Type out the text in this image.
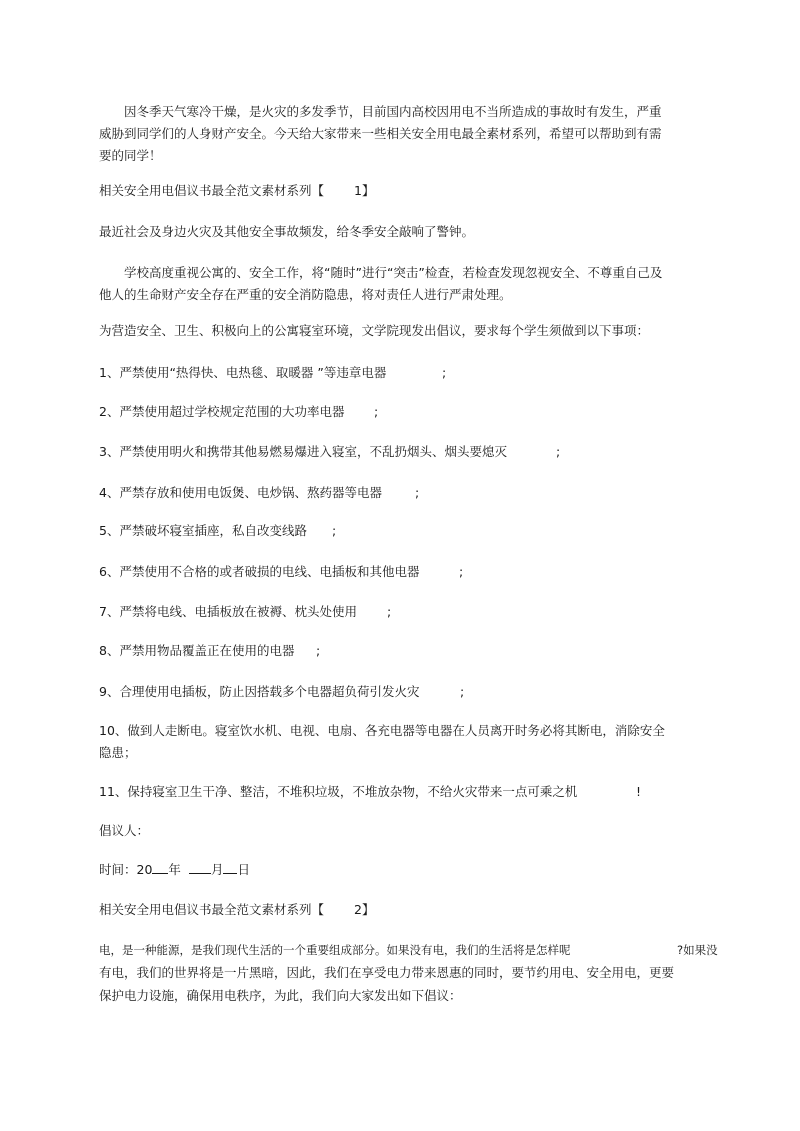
因冬季天气寒冷干燥，是火灾的多发季节，目前国内高校因用电不当所造成的事故时有发生，严重威胁到同学们的人身财产安全。今天给大家带来一些相关安全用电最全素材系列，希望可以帮助到有需要的同学！
相关安全用电倡议书最全范文素材系列【 1】
最近社会及身边火灾及其他安全事故频发，给冬季安全敲响了警钟。
学校高度重视公寓的、安全工作，将“随时”进行“突击”检查，若检查发现忽视安全、不尊重自己及他人的生命财产安全存在严重的安全消防隐患，将对责任人进行严肃处理。
为营造安全、卫生、积极向上的公寓寝室环境，文学院现发出倡议，要求每个学生须做到以下事项：
1、严禁使用“热得快、电热毯、取暖器 ”等违章电器	;
2、严禁使用超过学校规定范围的大功率电器 ;
3、严禁使用明火和携带其他易燃易爆进入寝室，不乱扔烟头、烟头要熄灭	;
4、严禁存放和使用电饭煲、电炒锅、熬药器等电器	;
5、严禁破坏寝室插座，私自改变线路 ;
6、严禁使用不合格的或者破损的电线、电插板和其他电器	;
7、严禁将电线、电插板放在被褥、枕头处使用 ;
8、严禁用物品覆盖正在使用的电器 ;
9、合理使用电插板，防止因搭载多个电器超负荷引发火灾	;
10、做到人走断电。寝室饮水机、电视、电扇、各充电器等电器在人员离开时务必将其断电，消除安全隐患；
11、保持寝室卫生干净、整洁，不堆积垃圾，不堆放杂物，不给火灾带来一点可乘之机	!
倡议人：
时间：20 年 月 日
相关安全用电倡议书最全范文素材系列【 2】
电，是一种能源，是我们现代生活的一个重要组成部分。如果没有电，我们的生活将是怎样呢	?如果没
有电，我们的世界将是一片黑暗，因此，我们在享受电力带来恩惠的同时，要节约用电、安全用电，更要
保护电力设施，确保用电秩序，为此，我们向大家发出如下倡议：
